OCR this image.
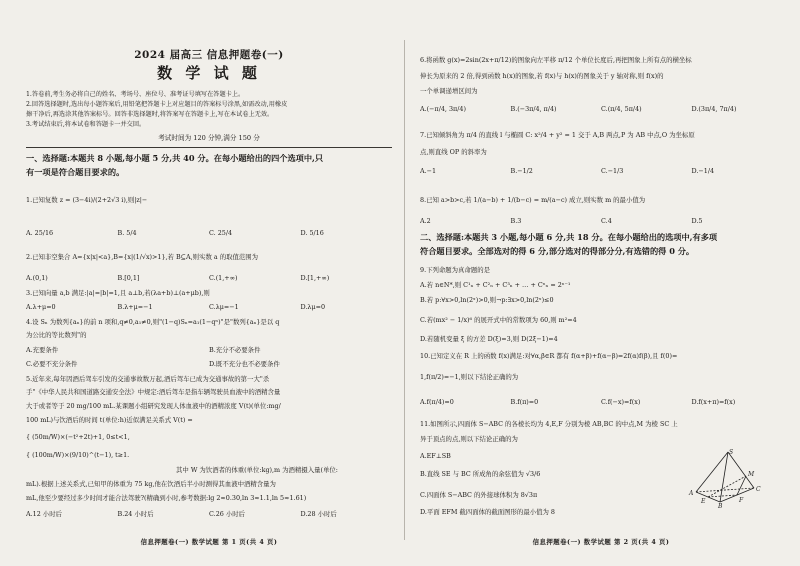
2024 届高三 信息押题卷(一)
数 学 试 题
1.答卷前,考生务必将自己的姓名、考场号、座位号、准考证号填写在答题卡上。
2.回答选择题时,选出每小题答案后,用铅笔把答题卡上对应题目的答案标号涂黑,如需改动,用橡皮
擦干净后,再选涂其他答案标号。回答非选择题时,将答案写在答题卡上,写在本试卷上无效。
3.考试结束后,将本试卷和答题卡一并交回。
考试时间为 120 分钟,满分 150 分
一、选择题:本题共 8 小题,每小题 5 分,共 40 分。在每小题给出的四个选项中,只
有一项是符合题目要求的。
1.已知复数 z = (3−4i)/(2+2√3 i),则|z|−
A. 25/16	B. 5/4	C. 25/4	D. 5/16
2.已知非空集合 A={x|x|<a},B={x|(1/√x)>1},若 B⊆A,则实数 a 的取值范围为
A.(0,1)	B.[0,1]	C.(1,+∞)	D.[1,+∞)
3.已知向量 a,b 满足:|a|=|b|=1,且 a⊥b,若(λa+b)⊥(a+μb),则
A.λ+μ=0	B.λ+μ=−1	C.λμ=−1	D.λμ=0
4.设 Sₙ 为数列{aₙ}的前 n 项和,q≠0,a₁≠0,则"(1−q)Sₙ=a₁(1−qⁿ)"是"数列{aₙ}是以 q
为公比的等比数列"的
A.充要条件	B.充分不必要条件
C.必要不充分条件	D.既不充分也不必要条件
5.近年来,每年因酒后驾车引发的交通事故数万起,酒后驾车已成为交通事故的第一大"杀
手"《中华人民共和国道路交通安全法》中规定:酒后驾车是指车辆驾驶员血液中的酒精含量
大于或者等于 20 mg/100 mL.某课题小组研究发现人体血液中的酒精浓度 V(t)(单位:mg/
100 mL)与饮酒后的时间 t(单位:h)近似满足关系式 V(t) =
{ (50m/W)×(−t²+2t)+1, 0≤t<1,
{ (100m/W)×(9/10)^(t−1), t≥1.
其中 W 为饮酒者的体重(单位:kg),m 为酒精摄入量(单位:
mL).根据上述关系式,已知甲的体重为 75 kg,他在饮酒后半小时测得其血液中酒精含量为
mL,他至少要经过多少时间才能合法驾驶?(精确到小时,参考数据:lg 2≈0.30,ln 3≈1.1,ln 5≈1.61)
A.12 小时后	B.24 小时后	C.26 小时后	D.28 小时后
信息押题卷(一) 数学试题 第 1 页(共 4 页)
6.将函数 g(x)=2sin(2x+π/12)的图象向左平移 π/12 个单位长度后,再把图象上所有点的横坐标
伸长为原来的 2 倍,得到函数 h(x)的图象,若 f(x)与 h(x)的图象关于 y 轴对称,则 f(x)的
一个单调递增区间为
A.(−π/4, 3π/4)	B.(−3π/4, π/4)	C.(π/4, 5π/4)	D.(3π/4, 7π/4)
7.已知倾斜角为 π/4 的直线 l 与椭圆 C: x²/4 + y² = 1 交于 A,B 两点,P 为 AB 中点,O 为坐标原
点,则直线 OP 的斜率为
A.−1	B.−1/2	C.−1/3	D.−1/4
8.已知 a>b>c,若 1/(a−b) + 1/(b−c) = m/(a−c) 成立,则实数 m 的最小值为
A.2	B.3	C.4	D.5
二、选择题:本题共 3 小题,每小题 6 分,共 18 分。在每小题给出的选项中,有多项
符合题目要求。全部选对的得 6 分,部分选对的得部分分,有选错的得 0 分。
9.下列命题为真命题的是
A.若 n∈N*,则 C¹ₙ + C²ₙ + C³ₙ + … + Cⁿₙ = 2ⁿ⁻¹
B.若 p:∀x>0,ln(2ˣ)>0,则¬p:∃x>0,ln(2ˣ)≤0
C.若(mx² − 1/x)⁶ 的展开式中的常数项为 60,则 m²=4
D.若随机变量 ξ 的方差 D(ξ)=3,则 D(2ξ−1)=4
10.已知定义在 R 上的函数 f(x)满足:对∀α,β∈R 都有 f(α+β)+f(α−β)=2f(α)f(β),且 f(0)=
1,f(π/2)=−1,则以下结论正确的为
A.f(π/4)=0	B.f(π)=0	C.f(−x)=f(x)	D.f(x+π)=f(x)
11.如图所示,四面体 S−ABC 的各棱长均为 4,E,F 分别为棱 AB,BC 的中点,M 为棱 SC 上
异于顶点的点,则以下结论正确的为
A.EF⊥SB
B.直线 SE 与 BC 所成角的余弦值为 √3/6
C.四面体 S−ABC 的外接球体积为 8√3π
D.平面 EFM 截四面体的截面图形的最小值为 8
S
M
A
C
E	F
B
信息押题卷(一) 数学试题 第 2 页(共 4 页)
